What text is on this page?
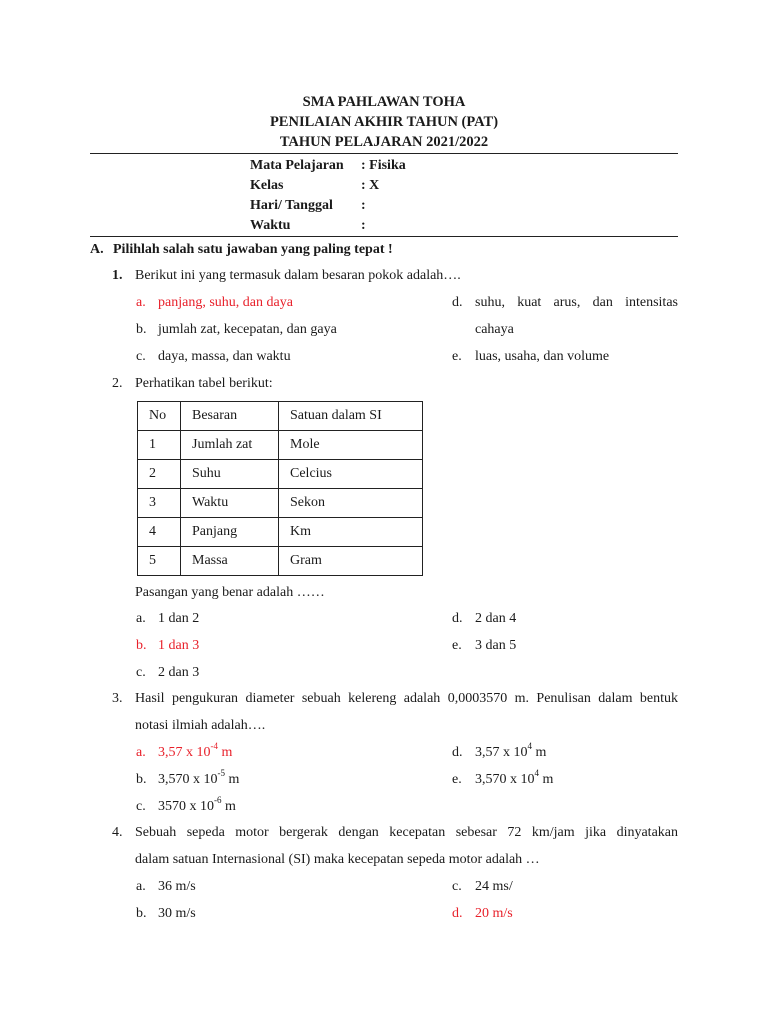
SMA PAHLAWAN TOHA
PENILAIAN AKHIR TAHUN (PAT)
TAHUN PELAJARAN 2021/2022
Mata Pelajaran : Fisika
Kelas	: X
Hari/ Tanggal :
Waktu	:
A. Pilihlah salah satu jawaban yang paling tepat !
1. Berikut ini yang termasuk dalam besaran pokok adalah….
a. panjang, suhu, dan daya
b. jumlah zat, kecepatan, dan gaya
c. daya, massa, dan waktu
d. suhu, kuat arus, dan intensitas
cahaya
e. luas, usaha, dan volume
2. Perhatikan tabel berikut:
No	Besaran	Satuan dalam SI
1	Jumlah zat	Mole
2	Suhu	Celcius
3	Waktu	Sekon
4	Panjang	Km
5	Massa	Gram
Pasangan yang benar adalah ……
a. 1 dan 2
b. 1 dan 3
c. 2 dan 3
d. 2 dan 4
e. 3 dan 5
3. Hasil pengukuran diameter sebuah kelereng adalah 0,0003570 m. Penulisan dalam bentuk
notasi ilmiah adalah….
a. 3,57 x $10^{-4}$ m
b. 3,570 x $10^{-5}$ m
c. 3570 x $10^{-6}$ m
d. 3,57 x $10^4$ m
e. 3,570 x $10^4$ m
4. Sebuah sepeda motor bergerak dengan kecepatan sebesar 72 km/jam jika dinyatakan
dalam satuan Internasional (SI) maka kecepatan sepeda motor adalah …
a. 36 m/s
b. 30 m/s
c. 24 ms/
d. 20 m/s
